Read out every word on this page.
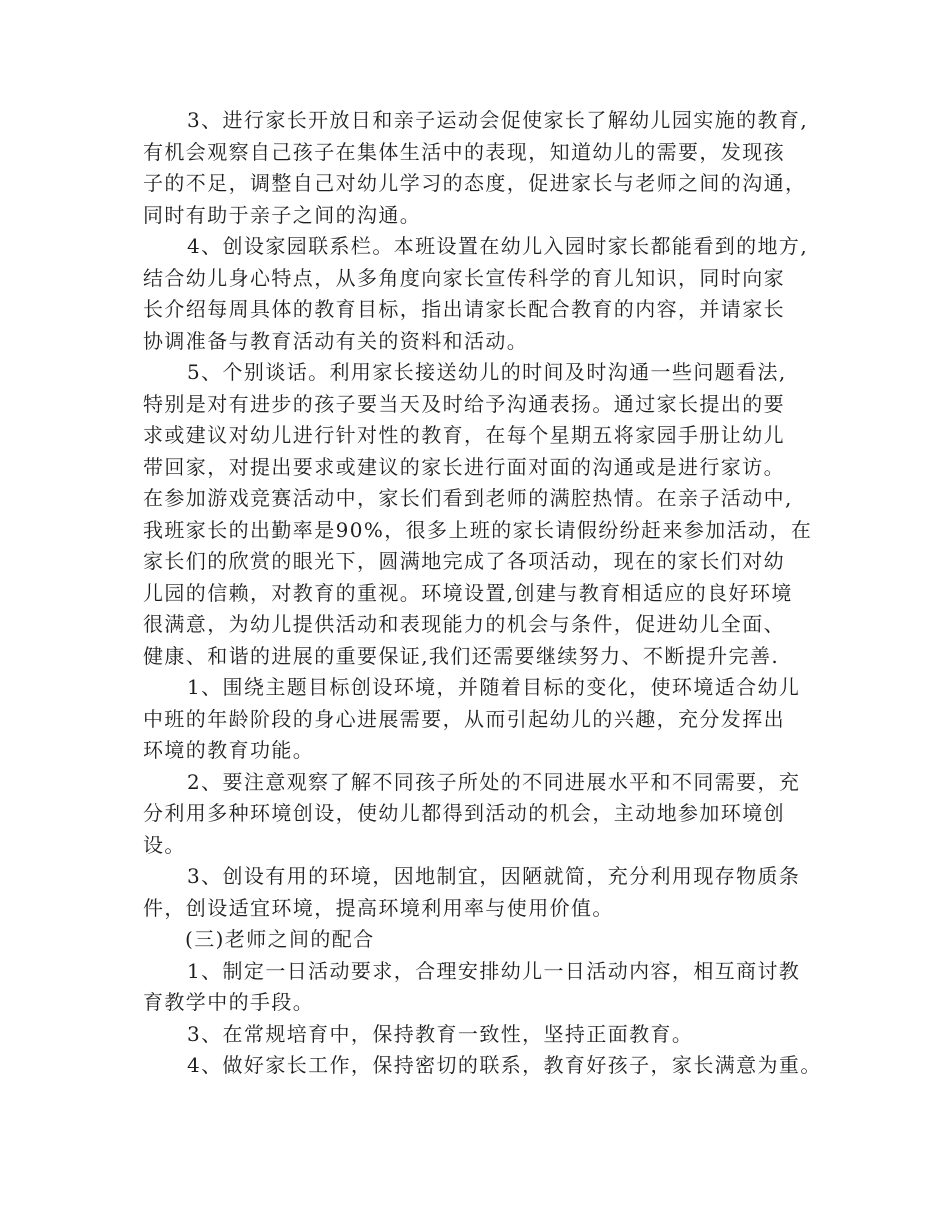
3、进行家长开放日和亲子运动会促使家长了解幼儿园实施的教育,
有机会观察自己孩子在集体生活中的表现，知道幼儿的需要，发现孩
子的不足，调整自己对幼儿学习的态度，促进家长与老师之间的沟通，
同时有助于亲子之间的沟通。
4、创设家园联系栏。本班设置在幼儿入园时家长都能看到的地方,
结合幼儿身心特点，从多角度向家长宣传科学的育儿知识，同时向家
长介绍每周具体的教育目标，指出请家长配合教育的内容，并请家长
协调准备与教育活动有关的资料和活动。
5、个别谈话。利用家长接送幼儿的时间及时沟通一些问题看法,
特别是对有进步的孩子要当天及时给予沟通表扬。通过家长提出的要
求或建议对幼儿进行针对性的教育，在每个星期五将家园手册让幼儿
带回家，对提出要求或建议的家长进行面对面的沟通或是进行家访。
在参加游戏竞赛活动中，家长们看到老师的满腔热情。在亲子活动中,
我班家长的出勤率是90%，很多上班的家长请假纷纷赶来参加活动，在
家长们的欣赏的眼光下，圆满地完成了各项活动，现在的家长们对幼
儿园的信赖，对教育的重视。环境设置,创建与教育相适应的良好环境
很满意，为幼儿提供活动和表现能力的机会与条件，促进幼儿全面、
健康、和谐的进展的重要保证,我们还需要继续努力、不断提升完善.
1、围绕主题目标创设环境，并随着目标的变化，使环境适合幼儿
中班的年龄阶段的身心进展需要，从而引起幼儿的兴趣，充分发挥出
环境的教育功能。
2、要注意观察了解不同孩子所处的不同进展水平和不同需要，充
分利用多种环境创设，使幼儿都得到活动的机会，主动地参加环境创
设。
3、创设有用的环境，因地制宜，因陋就简，充分利用现存物质条
件，创设适宜环境，提高环境利用率与使用价值。
(三)老师之间的配合
1、制定一日活动要求，合理安排幼儿一日活动内容，相互商讨教
育教学中的手段。
3、在常规培育中，保持教育一致性，坚持正面教育。
4、做好家长工作，保持密切的联系，教育好孩子，家长满意为重。
